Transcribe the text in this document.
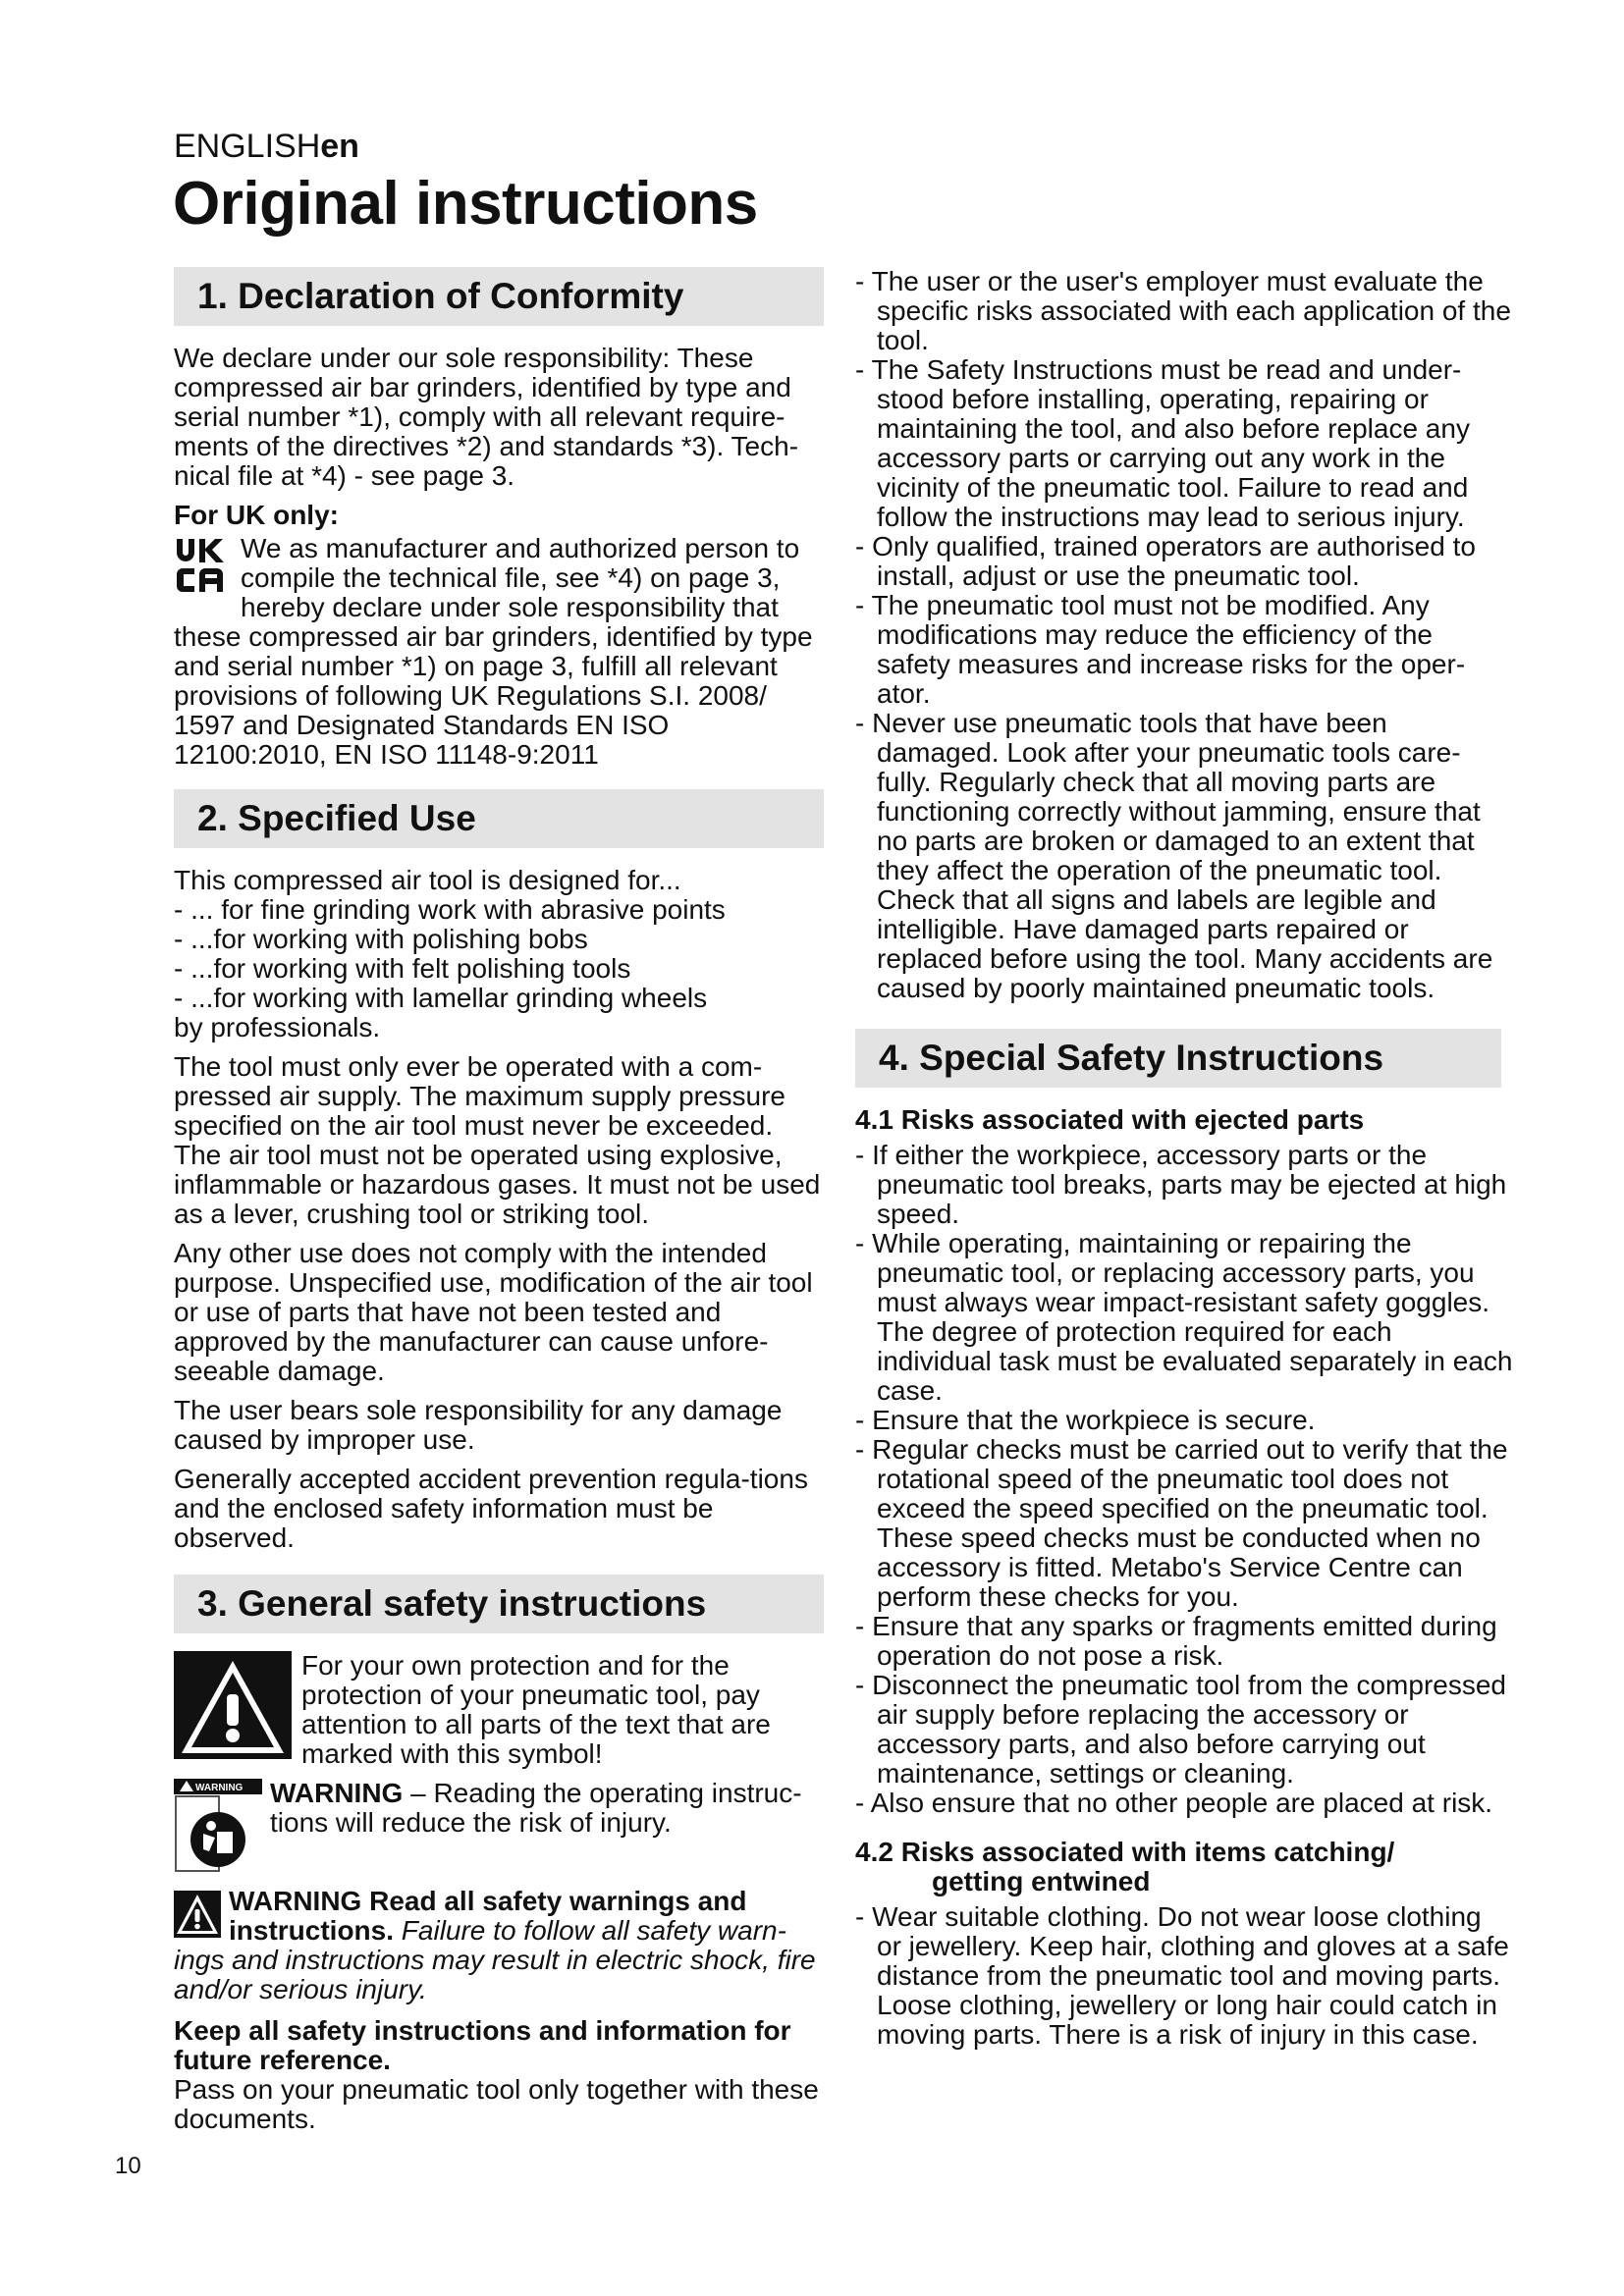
ENGLISHen
Original instructions
1. Declaration of Conformity

We declare under our sole responsibility: These compressed air bar grinders, identified by type and serial number *1), comply with all relevant require-ments of the directives *2) and standards *3). Tech-nical file at *4) - see page 3.

For UK only:
We as manufacturer and authorized person to compile the technical file, see *4) on page 3, hereby declare under sole responsibility that these compressed air bar grinders, identified by type and serial number *1) on page 3, fulfill all relevant provisions of following UK Regulations S.I. 2008/ 1597 and Designated Standards EN ISO 12100:2010, EN ISO 11148-9:2011
2. Specified Use

This compressed air tool is designed for...

- ... for fine grinding work with abrasive points
- ...for working with polishing bobs
- ...for working with felt polishing tools
- ...for working with lamellar grinding wheels

by professionals.

The tool must only ever be operated with a com-pressed air supply. The maximum supply pressure specified on the air tool must never be exceeded. The air tool must not be operated using explosive, inflammable or hazardous gases. It must not be used as a lever, crushing tool or striking tool.

Any other use does not comply with the intended purpose. Unspecified use, modification of the air tool or use of parts that have not been tested and approved by the manufacturer can cause unfore-seeable damage.

The user bears sole responsibility for any damage caused by improper use.

Generally accepted accident prevention regula-tions and the enclosed safety information must be observed.

3. General safety instructions
For your own protection and for the protection of your pneumatic tool, pay attention to all parts of the text that are marked with this symbol!
WARNING WARNING – Reading the operating instruc-tions will reduce the risk of injury.
WARNING Read all safety warnings and instructions. Failure to follow all safety warn-ings and instructions may result in electric shock, fire and/or serious injury.
Keep all safety instructions and information for future reference.

Pass on your pneumatic tool only together with these documents.

- The user or the user's employer must evaluate the specific risks associated with each application of the tool.
- The Safety Instructions must be read and under-stood before installing, operating, repairing or maintaining the tool, and also before replace any accessory parts or carrying out any work in the vicinity of the pneumatic tool. Failure to read and follow the instructions may lead to serious injury.
- Only qualified, trained operators are authorised to install, adjust or use the pneumatic tool.
- The pneumatic tool must not be modified. Any modifications may reduce the efficiency of the safety measures and increase risks for the oper-ator.
- Never use pneumatic tools that have been damaged. Look after your pneumatic tools care-fully. Regularly check that all moving parts are functioning correctly without jamming, ensure that no parts are broken or damaged to an extent that they affect the operation of the pneumatic tool. Check that all signs and labels are legible and intelligible. Have damaged parts repaired or replaced before using the tool. Many accidents are caused by poorly maintained pneumatic tools.
4. Special Safety Instructions
4.1 Risks associated with ejected parts
- If either the workpiece, accessory parts or the pneumatic tool breaks, parts may be ejected at high speed.
- While operating, maintaining or repairing the pneumatic tool, or replacing accessory parts, you must always wear impact-resistant safety goggles. The degree of protection required for each individual task must be evaluated separately in each case.
- Ensure that the workpiece is secure.
- Regular checks must be carried out to verify that the rotational speed of the pneumatic tool does not exceed the speed specified on the pneumatic tool. These speed checks must be conducted when no accessory is fitted. Metabo's Service Centre can perform these checks for you.
- Ensure that any sparks or fragments emitted during operation do not pose a risk.
- Disconnect the pneumatic tool from the compressed air supply before replacing the accessory or accessory parts, and also before carrying out maintenance, settings or cleaning.
- Also ensure that no other people are placed at risk.
4.2 Risks associated with items catching/
getting entwined
- Wear suitable clothing. Do not wear loose clothing or jewellery. Keep hair, clothing and gloves at a safe distance from the pneumatic tool and moving parts. Loose clothing, jewellery or long hair could catch in moving parts. There is a risk of injury in this case.
10
